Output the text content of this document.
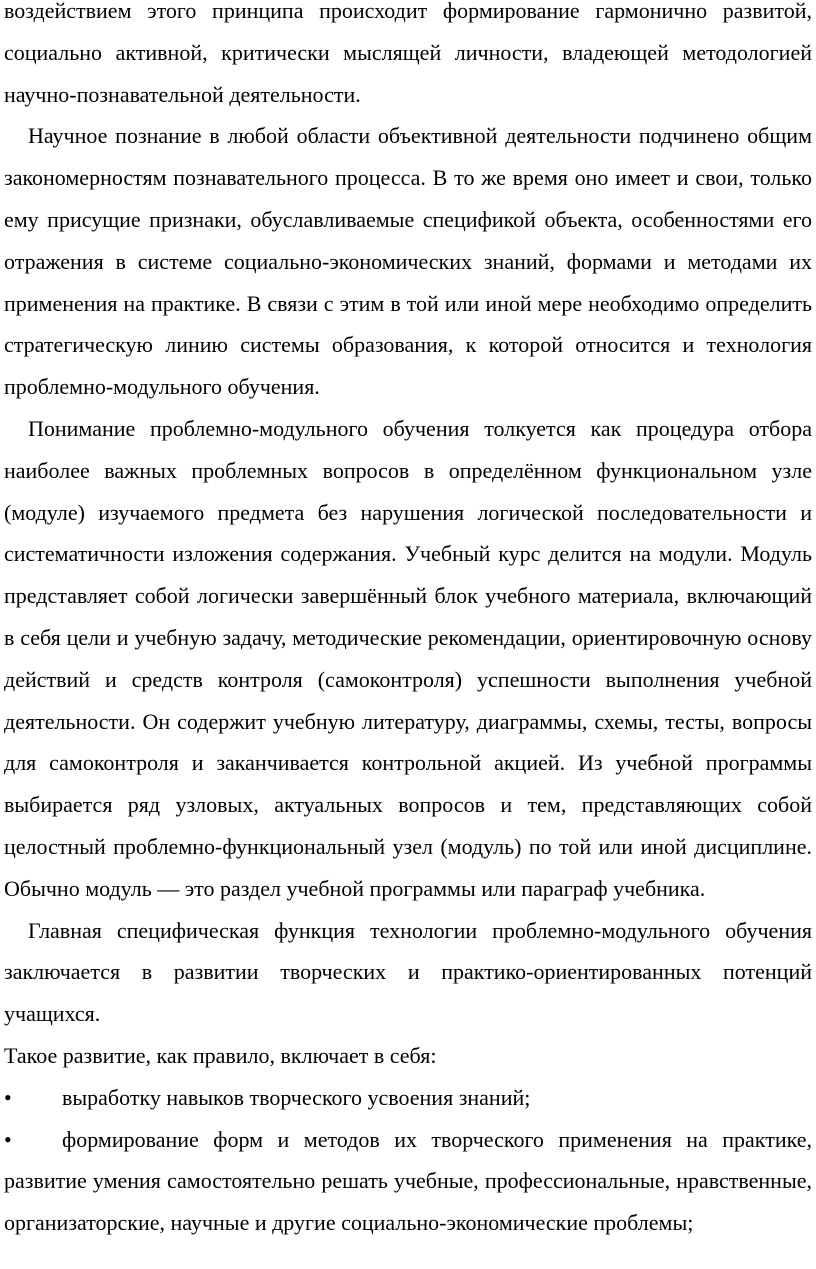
воздействием этого принципа происходит формирование гармонично развитой, социально активной, критически мыслящей личности, владеющей методологией научно-познавательной деятельности.

Научное познание в любой области объективной деятельности подчинено общим закономерностям познавательного процесса. В то же время оно имеет и свои, только ему присущие признаки, обуславливаемые спецификой объекта, особенностями его отражения в системе социально-экономических знаний, формами и методами их применения на практике. В связи с этим в той или иной мере необходимо определить стратегическую линию системы образования, к которой относится и технология проблемно-модульного обучения.

Понимание проблемно-модульного обучения толкуется как процедура отбора наиболее важных проблемных вопросов в определённом функциональном узле (модуле) изучаемого предмета без нарушения логической последовательности и систематичности изложения содержания. Учебный курс делится на модули. Модуль представляет собой логически завершённый блок учебного материала, включающий в себя цели и учебную задачу, методические рекомендации, ориентировочную основу действий и средств контроля (самоконтроля) успешности выполнения учебной деятельности. Он содержит учебную литературу, диаграммы, схемы, тесты, вопросы для самоконтроля и заканчивается контрольной акцией. Из учебной программы выбирается ряд узловых, актуальных вопросов и тем, представляющих собой целостный проблемно-функциональный узел (модуль) по той или иной дисциплине. Обычно модуль — это раздел учебной программы или параграф учебника.

Главная специфическая функция технологии проблемно-модульного обучения заключается в развитии творческих и практико-ориентированных потенций учащихся.

Такое развитие, как правило, включает в себя:

• выработку навыков творческого усвоения знаний;

• формирование форм и методов их творческого применения на практике, развитие умения самостоятельно решать учебные, профессиональные, нравственные, организаторские, научные и другие социально-экономические проблемы;
